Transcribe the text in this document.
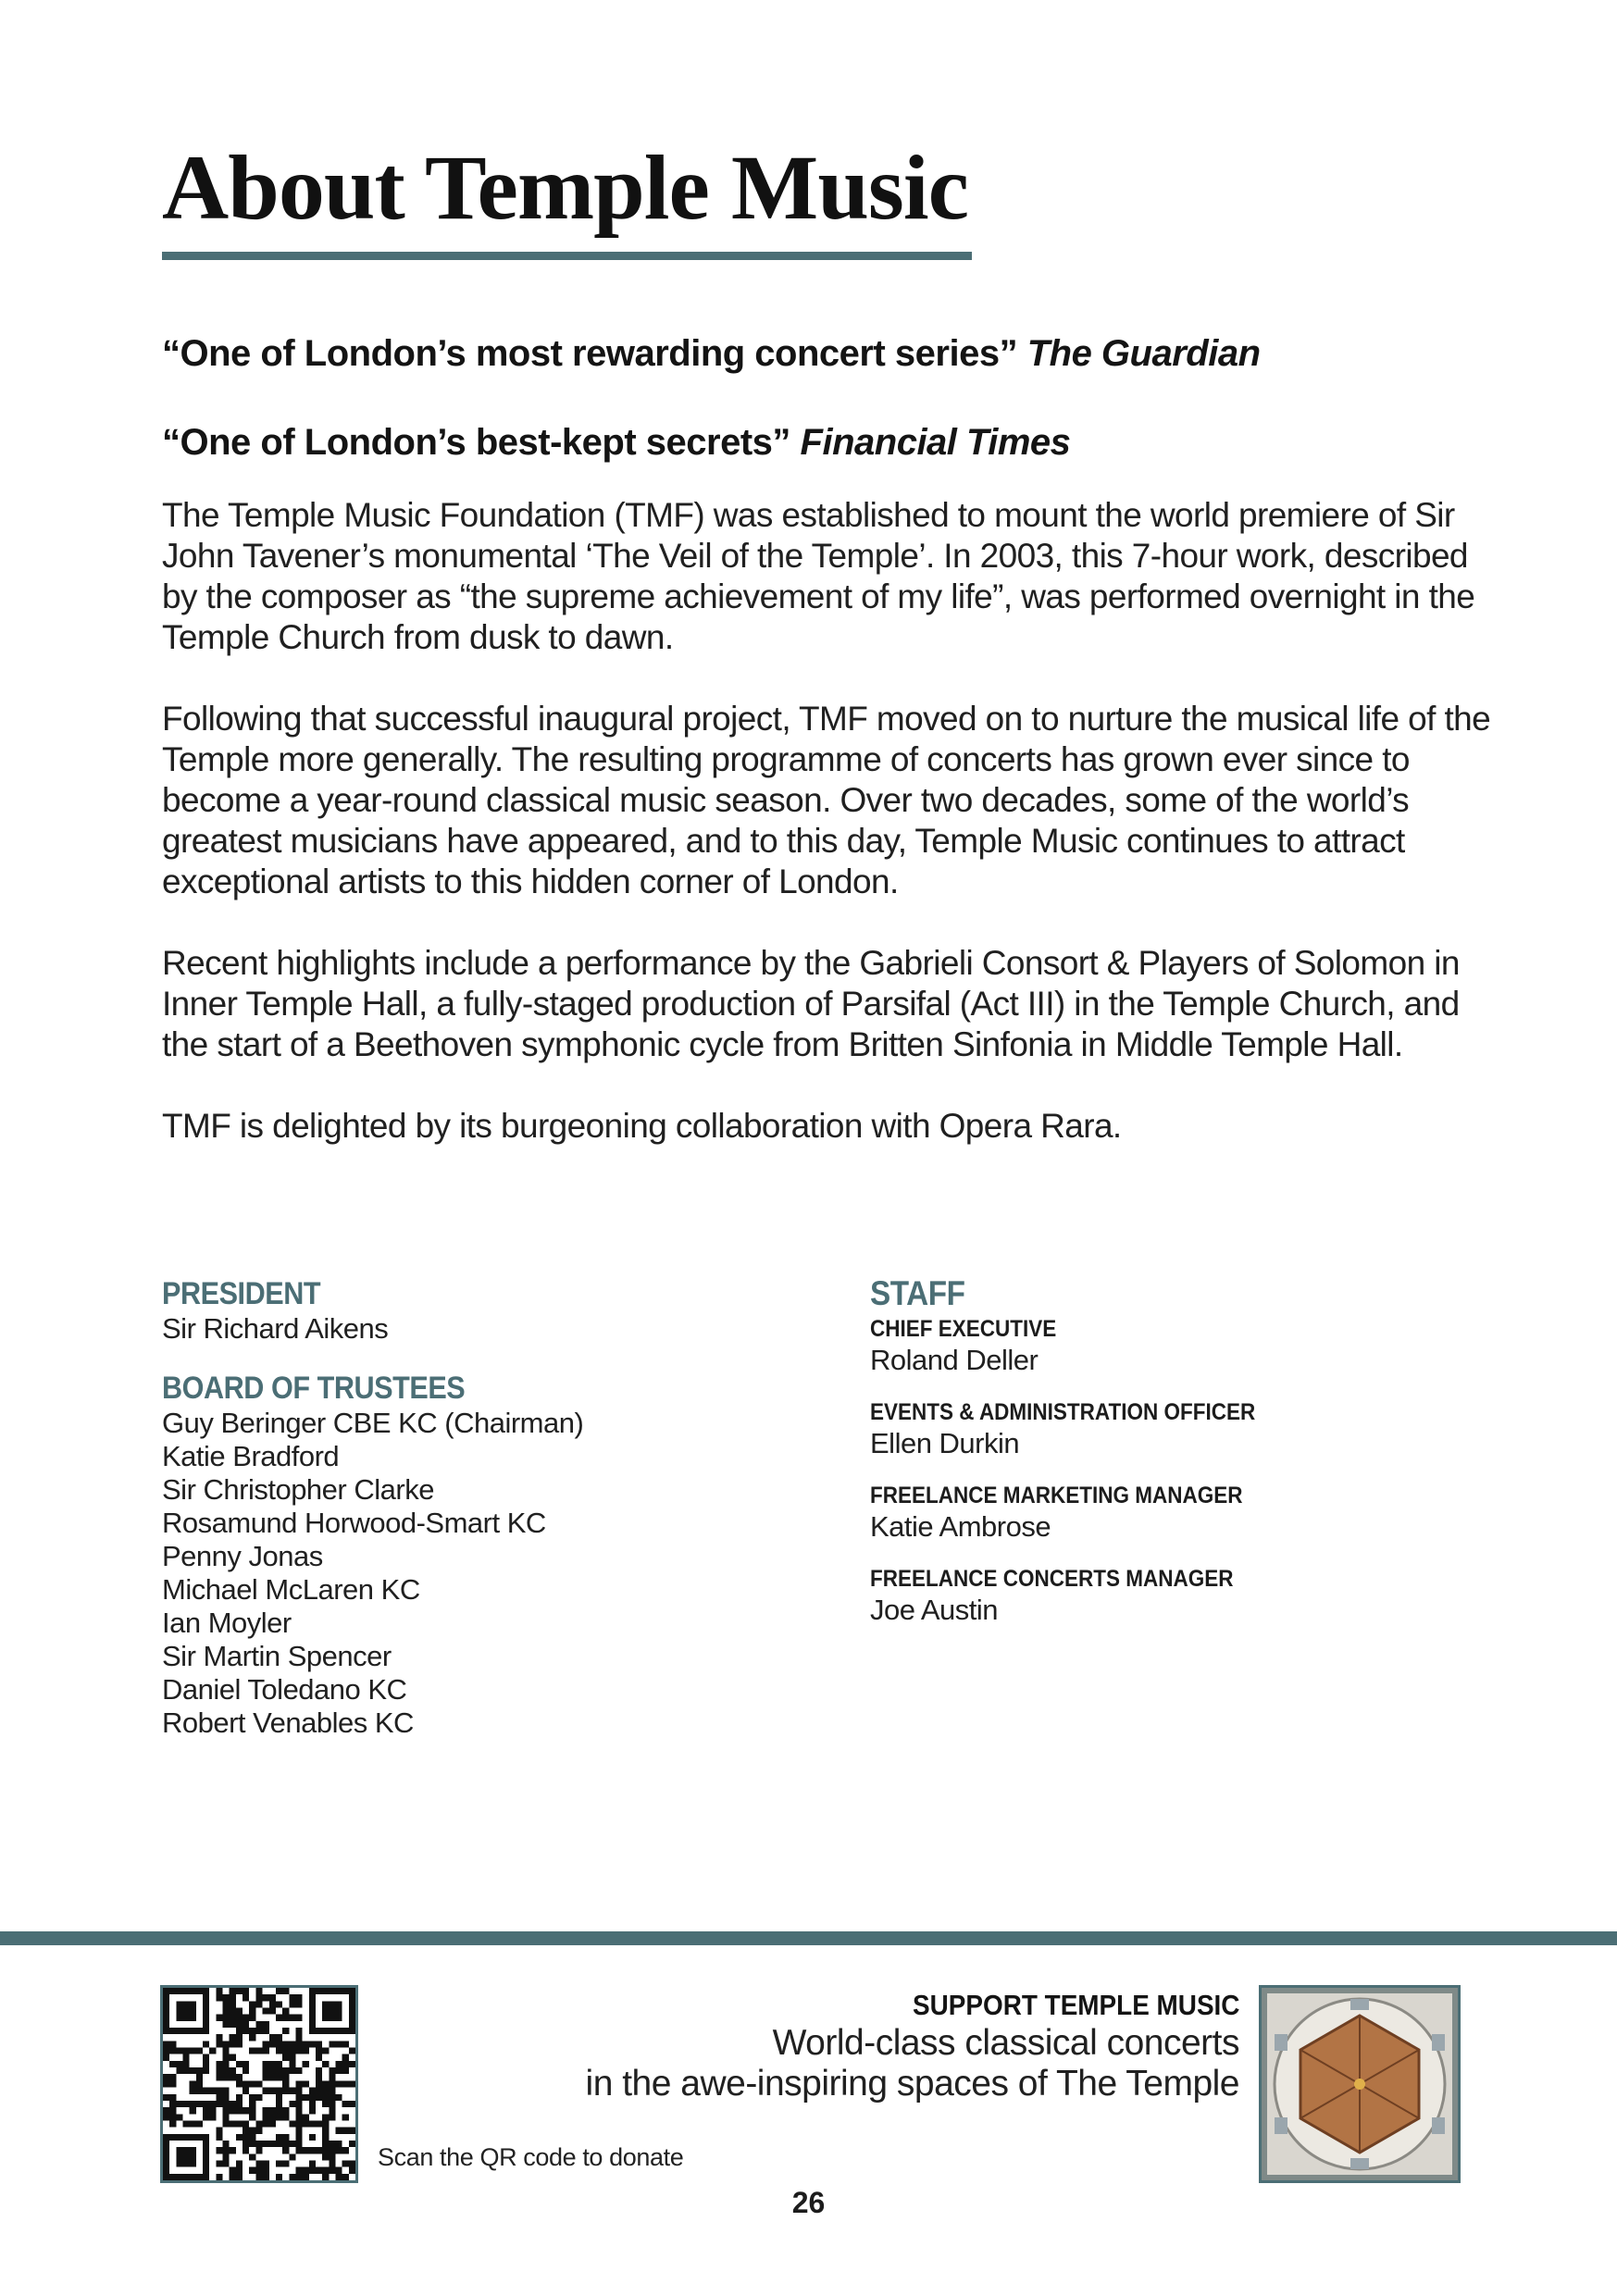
About Temple Music

“One of London’s most rewarding concert series” The Guardian

“One of London’s best-kept secrets” Financial Times

The Temple Music Foundation (TMF) was established to mount the world premiere of Sir John Tavener’s monumental ‘The Veil of the Temple’. In 2003, this 7-hour work, described by the composer as “the supreme achievement of my life”, was performed overnight in the Temple Church from dusk to dawn.

Following that successful inaugural project, TMF moved on to nurture the musical life of the Temple more generally. The resulting programme of concerts has grown ever since to become a year-round classical music season. Over two decades, some of the world’s greatest musicians have appeared, and to this day, Temple Music continues to attract exceptional artists to this hidden corner of London.

Recent highlights include a performance by the Gabrieli Consort & Players of Solomon in Inner Temple Hall, a fully-staged production of Parsifal (Act III) in the Temple Church, and the start of a Beethoven symphonic cycle from Britten Sinfonia in Middle Temple Hall.

TMF is delighted by its burgeoning collaboration with Opera Rara.

PRESIDENT
Sir Richard Aikens
BOARD OF TRUSTEES
Guy Beringer CBE KC (Chairman)
Katie Bradford
Sir Christopher Clarke
Rosamund Horwood-Smart KC
Penny Jonas
Michael McLaren KC
Ian Moyler
Sir Martin Spencer
Daniel Toledano KC
Robert Venables KC
STAFF
CHIEF EXECUTIVE
Roland Deller
EVENTS & ADMINISTRATION OFFICER
Ellen Durkin
FREELANCE MARKETING MANAGER
Katie Ambrose
FREELANCE CONCERTS MANAGER
Joe Austin
Scan the QR code to donate
SUPPORT TEMPLE MUSIC
World-class classical concerts
in the awe-inspiring spaces of The Temple
26
